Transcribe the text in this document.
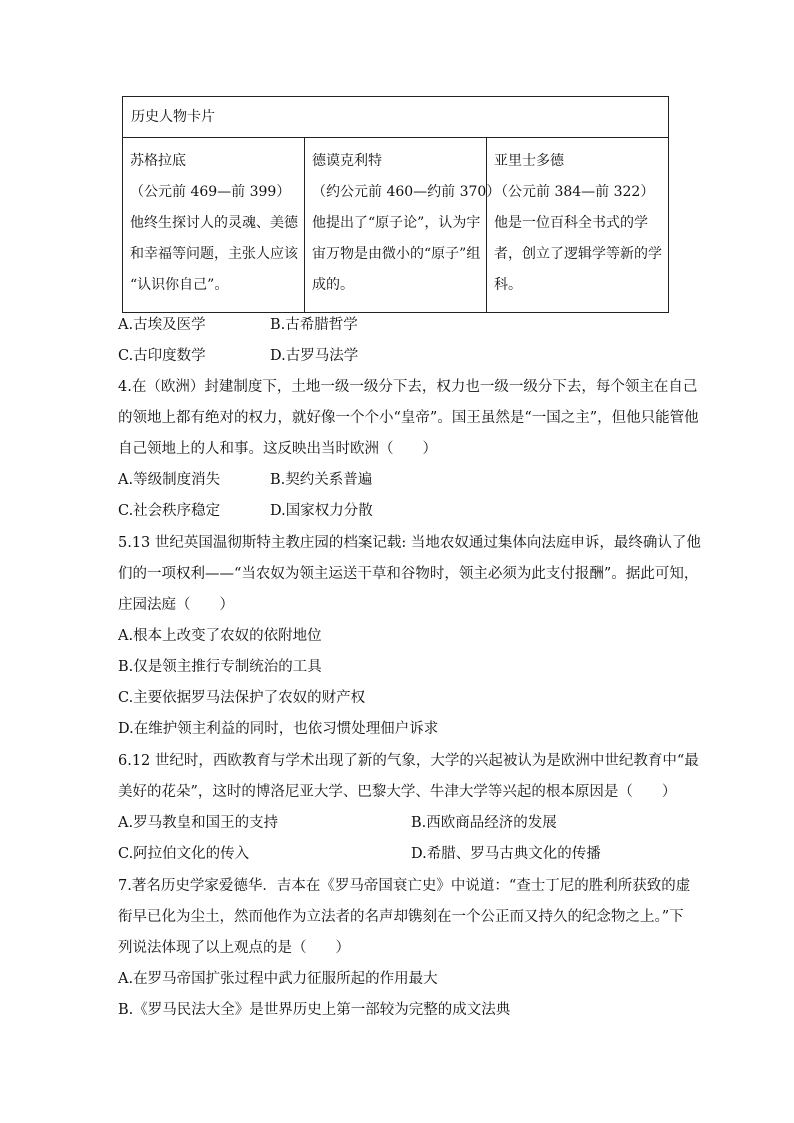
历史人物卡片

苏格拉底
（公元前 469—前 399）
他终生探讨人的灵魂、美德
和幸福等问题，主张人应该
“认识你自己”。

德谟克利特
（约公元前 460—约前 370）
他提出了“原子论”，认为宇
宙万物是由微小的“原子”组
成的。

亚里士多德
（公元前 384—前 322）
他是一位百科全书式的学
者，创立了逻辑学等新的学
科。
A.古埃及医学	B.古希腊哲学
C.古印度数学	D.古罗马法学
4.在（欧洲）封建制度下，土地一级一级分下去，权力也一级一级分下去，每个领主在自己
的领地上都有绝对的权力，就好像一个个小“皇帝”。国王虽然是“一国之主”，但他只能管他
自己领地上的人和事。这反映出当时欧洲（　　）
A.等级制度消失	B.契约关系普遍
C.社会秩序稳定	D.国家权力分散
5.13 世纪英国温彻斯特主教庄园的档案记载: 当地农奴通过集体向法庭申诉，最终确认了他
们的一项权利——“当农奴为领主运送干草和谷物时，领主必须为此支付报酬”。据此可知，
庄园法庭（　　）
A.根本上改变了农奴的依附地位
B.仅是领主推行专制统治的工具
C.主要依据罗马法保护了农奴的财产权
D.在维护领主利益的同时，也依习惯处理佃户诉求
6.12 世纪时，西欧教育与学术出现了新的气象，大学的兴起被认为是欧洲中世纪教育中“最
美好的花朵”，这时的博洛尼亚大学、巴黎大学、牛津大学等兴起的根本原因是（　　）
A.罗马教皇和国王的支持	B.西欧商品经济的发展
C.阿拉伯文化的传入	D.希腊、罗马古典文化的传播
7.著名历史学家爱德华．吉本在《罗马帝国衰亡史》中说道：“查士丁尼的胜利所获致的虚
衔早已化为尘土，然而他作为立法者的名声却镌刻在一个公正而又持久的纪念物之上。”下
列说法体现了以上观点的是（　　）
A.在罗马帝国扩张过程中武力征服所起的作用最大
B.《罗马民法大全》是世界历史上第一部较为完整的成文法典
